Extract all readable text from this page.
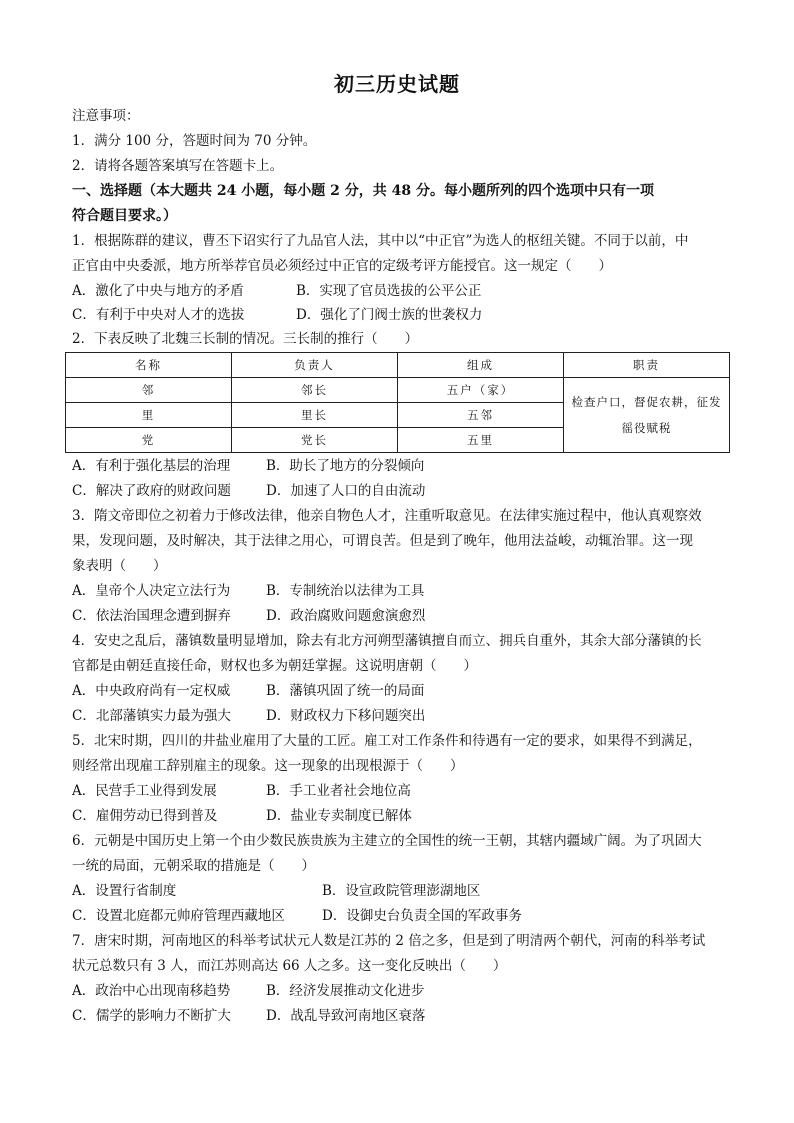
初三历史试题
注意事项：
1．满分 100 分，答题时间为 70 分钟。
2．请将各题答案填写在答题卡上。
一、选择题（本大题共 24 小题，每小题 2 分，共 48 分。每小题所列的四个选项中只有一项
符合题目要求。）
1．根据陈群的建议，曹丕下诏实行了九品官人法，其中以“中正官”为选人的枢纽关键。不同于以前，中
正官由中央委派，地方所举荐官员必须经过中正官的定级考评方能授官。这一规定（　　）
A．激化了中央与地方的矛盾	B．实现了官员选拔的公平公正
C．有利于中央对人才的选拔	D．强化了门阀士族的世袭权力
2．下表反映了北魏三长制的情况。三长制的推行（　　）
名称	负责人	组成	职责
邻	邻长	五户（家）	检查户口，督促农耕，征发徭役赋税
里	里长	五邻	
党	党长	五里	
A．有利于强化基层的治理	B．助长了地方的分裂倾向
C．解决了政府的财政问题	D．加速了人口的自由流动
3．隋文帝即位之初着力于修改法律，他亲自物色人才，注重听取意见。在法律实施过程中，他认真观察效
果，发现问题，及时解决，其于法律之用心，可谓良苦。但是到了晚年，他用法益峻，动辄治罪。这一现
象表明（　　）
A．皇帝个人决定立法行为	B．专制统治以法律为工具
C．依法治国理念遭到摒弃	D．政治腐败问题愈演愈烈
4．安史之乱后，藩镇数量明显增加，除去有北方河朔型藩镇擅自而立、拥兵自重外，其余大部分藩镇的长
官都是由朝廷直接任命，财权也多为朝廷掌握。这说明唐朝（　　）
A．中央政府尚有一定权威	B．藩镇巩固了统一的局面
C．北部藩镇实力最为强大	D．财政权力下移问题突出
5．北宋时期，四川的井盐业雇用了大量的工匠。雇工对工作条件和待遇有一定的要求，如果得不到满足，
则经常出现雇工辞别雇主的现象。这一现象的出现根源于（　　）
A．民营手工业得到发展	B．手工业者社会地位高
C．雇佣劳动已得到普及	D．盐业专卖制度已解体
6．元朝是中国历史上第一个由少数民族贵族为主建立的全国性的统一王朝，其辖内疆域广阔。为了巩固大
一统的局面，元朝采取的措施是（　　）
A．设置行省制度	B．设宣政院管理澎湖地区
C．设置北庭都元帅府管理西藏地区	D．设御史台负责全国的军政事务
7．唐宋时期，河南地区的科举考试状元人数是江苏的 2 倍之多，但是到了明清两个朝代，河南的科举考试
状元总数只有 3 人，而江苏则高达 66 人之多。这一变化反映出（　　）
A．政治中心出现南移趋势	B．经济发展推动文化进步
C．儒学的影响力不断扩大	D．战乱导致河南地区衰落
